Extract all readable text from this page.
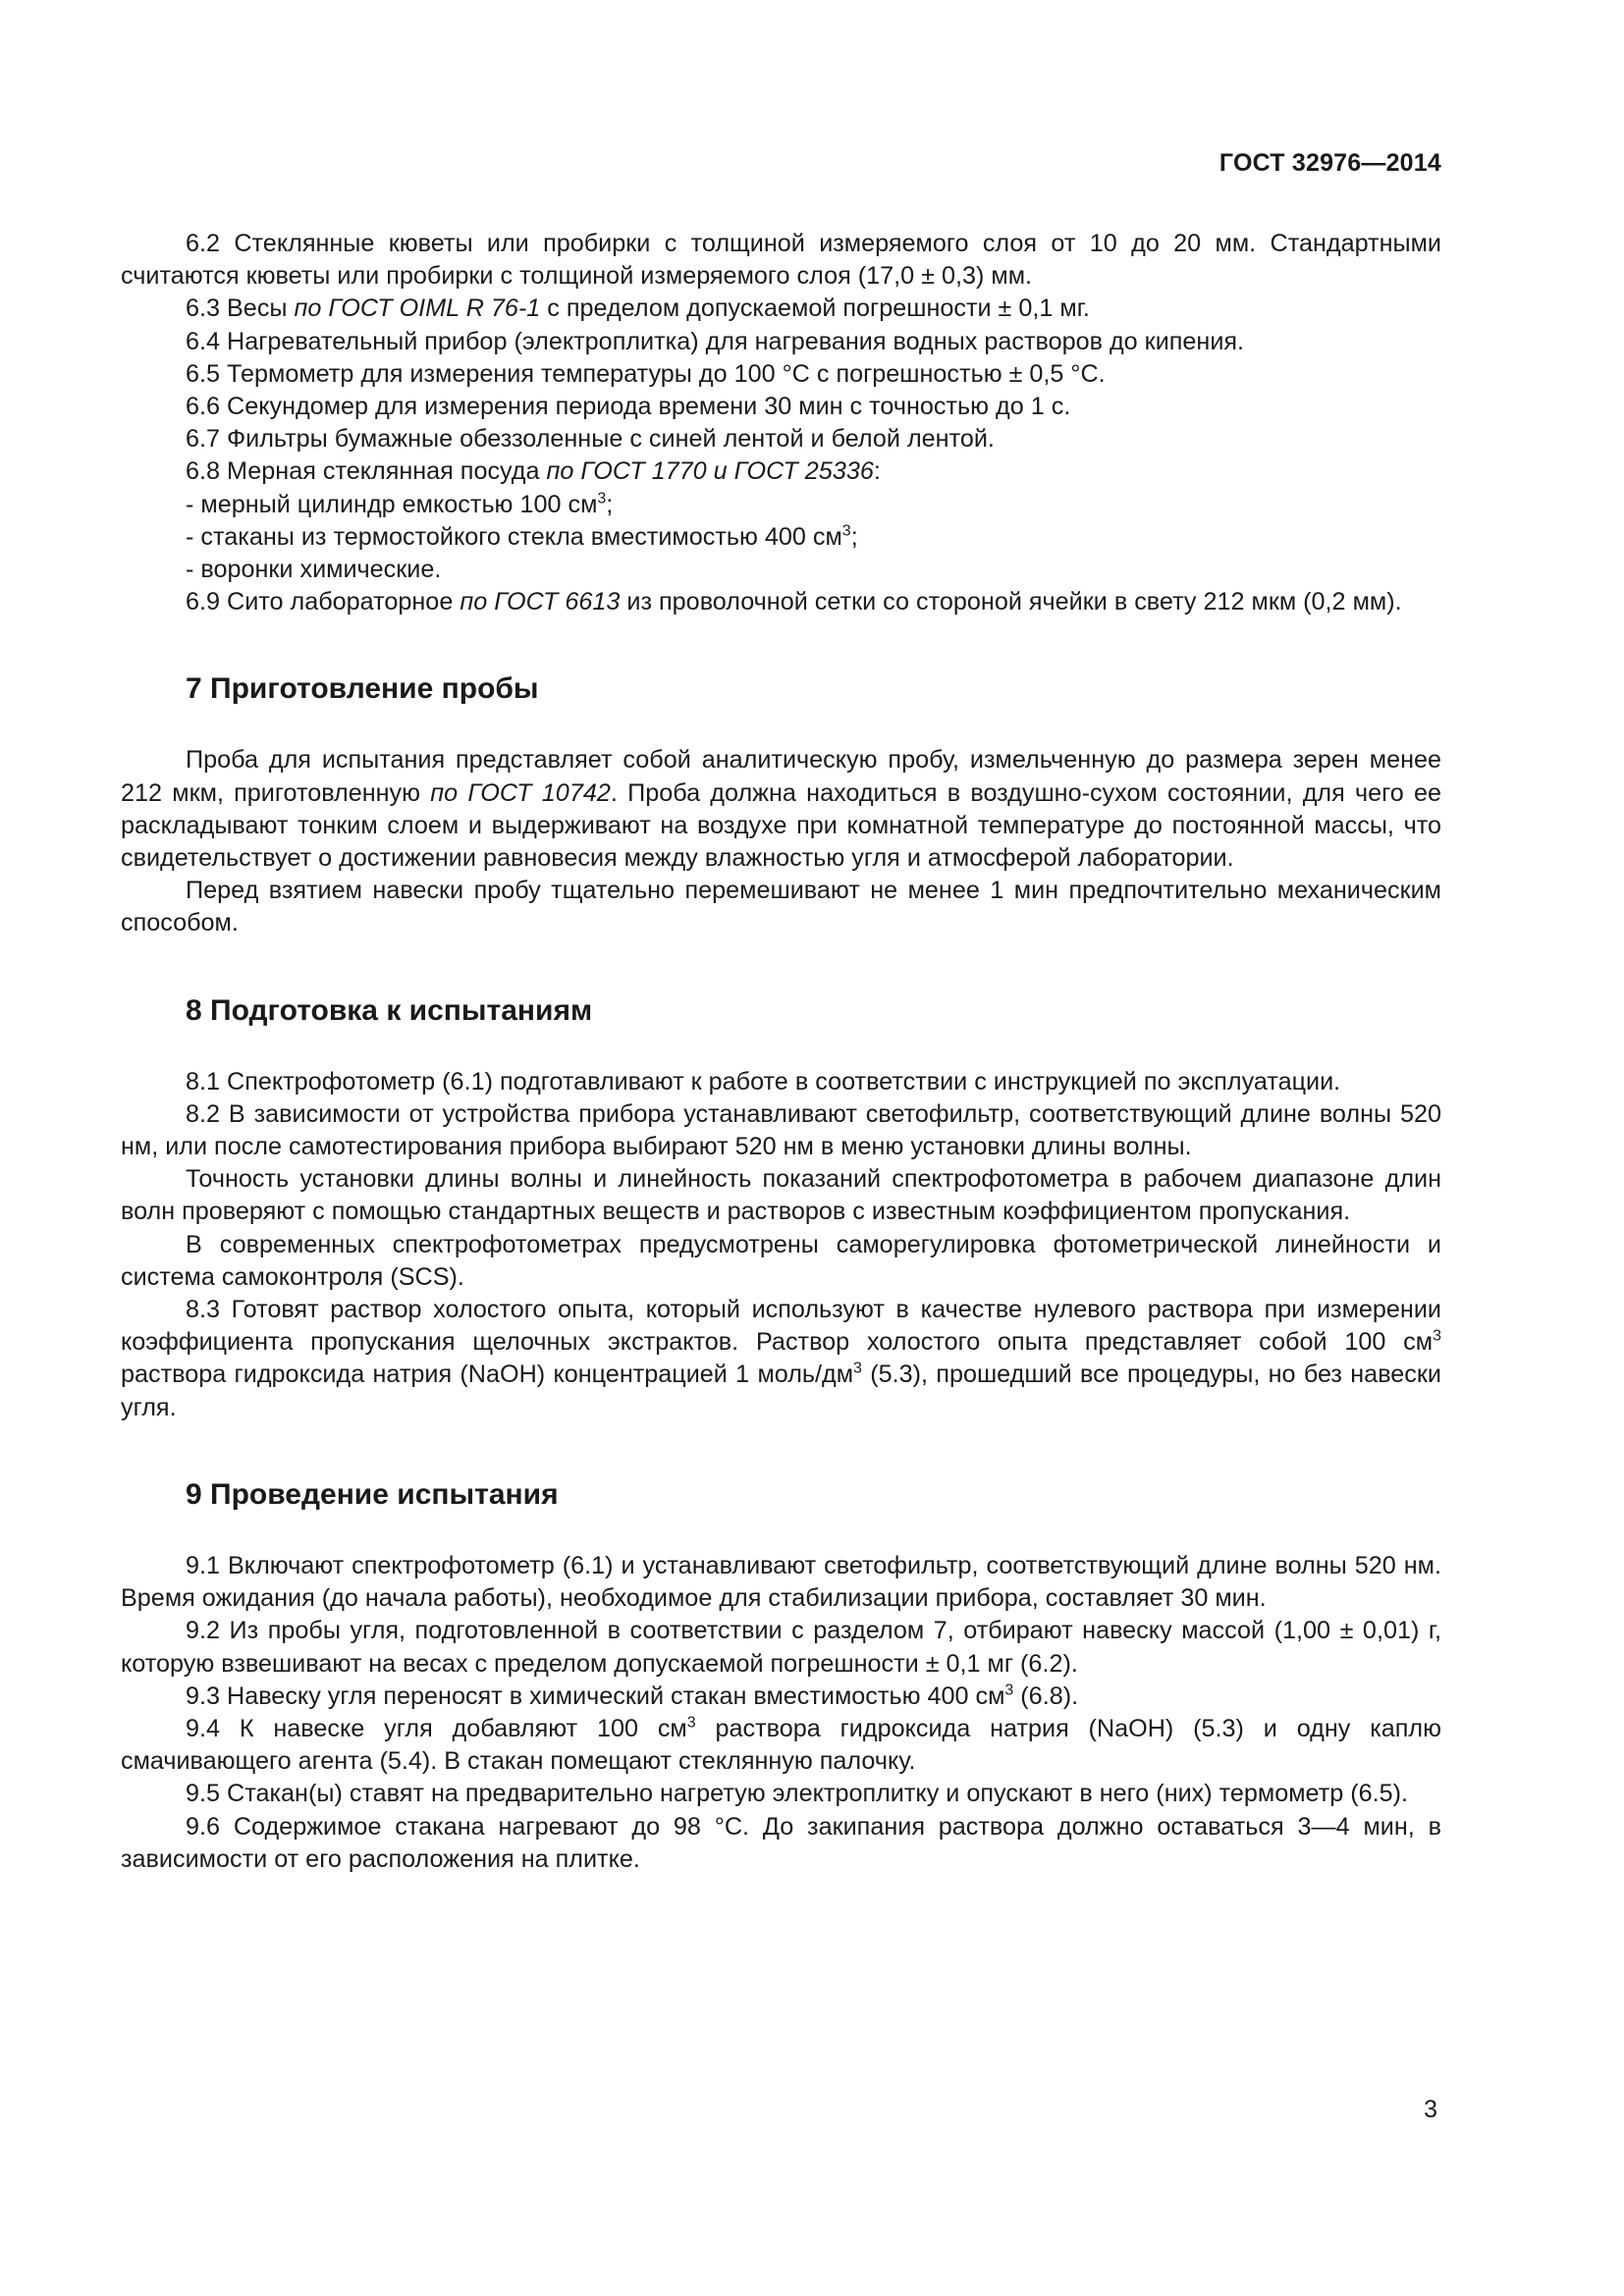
ГОСТ 32976—2014

6.2 Стеклянные кюветы или пробирки с толщиной измеряемого слоя от 10 до 20 мм. Стандартными считаются кюветы или пробирки с толщиной измеряемого слоя (17,0 ± 0,3) мм.

6.3 Весы по ГОСТ OIML R 76-1 с пределом допускаемой погрешности ± 0,1 мг.

6.4 Нагревательный прибор (электроплитка) для нагревания водных растворов до кипения.

6.5 Термометр для измерения температуры до 100 °С с погрешностью ± 0,5 °С.

6.6 Секундомер для измерения периода времени 30 мин с точностью до 1 с.

6.7 Фильтры бумажные обеззоленные с синей лентой и белой лентой.

6.8 Мерная стеклянная посуда по ГОСТ 1770 и ГОСТ 25336:

- мерный цилиндр емкостью 100 $см^3$;

- стаканы из термостойкого стекла вместимостью 400 $см^3$;

- воронки химические.

6.9 Сито лабораторное по ГОСТ 6613 из проволочной сетки со стороной ячейки в свету 212 мкм (0,2 мм).

7 Приготовление пробы

Проба для испытания представляет собой аналитическую пробу, измельченную до размера зерен менее 212 мкм, приготовленную по ГОСТ 10742. Проба должна находиться в воздушно-сухом состоянии, для чего ее раскладывают тонким слоем и выдерживают на воздухе при комнатной температуре до постоянной массы, что свидетельствует о достижении равновесия между влажностью угля и атмосферой лаборатории.

Перед взятием навески пробу тщательно перемешивают не менее 1 мин предпочтительно механическим способом.

8 Подготовка к испытаниям

8.1 Спектрофотометр (6.1) подготавливают к работе в соответствии с инструкцией по эксплуатации.

8.2 В зависимости от устройства прибора устанавливают светофильтр, соответствующий длине волны 520 нм, или после самотестирования прибора выбирают 520 нм в меню установки длины волны.

Точность установки длины волны и линейность показаний спектрофотометра в рабочем диапазоне длин волн проверяют с помощью стандартных веществ и растворов с известным коэффициентом пропускания.

В современных спектрофотометрах предусмотрены саморегулировка фотометрической линейности и система самоконтроля (SCS).

8.3 Готовят раствор холостого опыта, который используют в качестве нулевого раствора при измерении коэффициента пропускания щелочных экстрактов. Раствор холостого опыта представляет собой 100 $см^3$ раствора гидроксида натрия (NaOH) концентрацией 1 моль/$дм^3$ (5.3), прошедший все процедуры, но без навески угля.

9 Проведение испытания

9.1 Включают спектрофотометр (6.1) и устанавливают светофильтр, соответствующий длине волны 520 нм. Время ожидания (до начала работы), необходимое для стабилизации прибора, составляет 30 мин.

9.2 Из пробы угля, подготовленной в соответствии с разделом 7, отбирают навеску массой (1,00 ± 0,01) г, которую взвешивают на весах с пределом допускаемой погрешности ± 0,1 мг (6.2).

9.3 Навеску угля переносят в химический стакан вместимостью 400 $см^3$ (6.8).

9.4 К навеске угля добавляют 100 $см^3$ раствора гидроксида натрия (NaOH) (5.3) и одну каплю смачивающего агента (5.4). В стакан помещают стеклянную палочку.

9.5 Стакан(ы) ставят на предварительно нагретую электроплитку и опускают в него (них) термометр (6.5).

9.6 Содержимое стакана нагревают до 98 °С. До закипания раствора должно оставаться 3—4 мин, в зависимости от его расположения на плитке.

3
